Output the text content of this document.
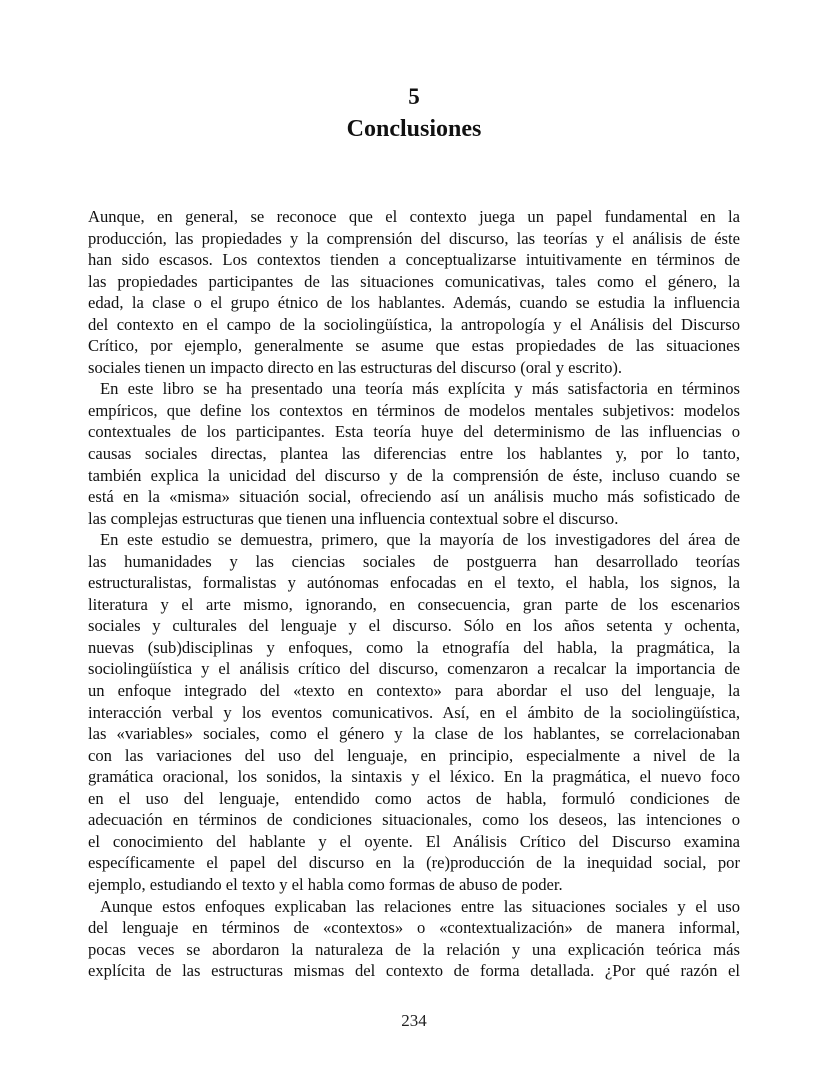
5
Conclusiones
Aunque, en general, se reconoce que el contexto juega un papel fundamental en la
producción, las propiedades y la comprensión del discurso, las teorías y el análisis de éste
han sido escasos. Los contextos tienden a conceptualizarse intuitivamente en términos de
las propiedades participantes de las situaciones comunicativas, tales como el género, la
edad, la clase o el grupo étnico de los hablantes. Además, cuando se estudia la influencia
del contexto en el campo de la sociolingüística, la antropología y el Análisis del Discurso
Crítico, por ejemplo, generalmente se asume que estas propiedades de las situaciones
sociales tienen un impacto directo en las estructuras del discurso (oral y escrito).
En este libro se ha presentado una teoría más explícita y más satisfactoria en términos
empíricos, que define los contextos en términos de modelos mentales subjetivos: modelos
contextuales de los participantes. Esta teoría huye del determinismo de las influencias o
causas sociales directas, plantea las diferencias entre los hablantes y, por lo tanto,
también explica la unicidad del discurso y de la comprensión de éste, incluso cuando se
está en la «misma» situación social, ofreciendo así un análisis mucho más sofisticado de
las complejas estructuras que tienen una influencia contextual sobre el discurso.
En este estudio se demuestra, primero, que la mayoría de los investigadores del área de
las humanidades y las ciencias sociales de postguerra han desarrollado teorías
estructuralistas, formalistas y autónomas enfocadas en el texto, el habla, los signos, la
literatura y el arte mismo, ignorando, en consecuencia, gran parte de los escenarios
sociales y culturales del lenguaje y el discurso. Sólo en los años setenta y ochenta,
nuevas (sub)disciplinas y enfoques, como la etnografía del habla, la pragmática, la
sociolingüística y el análisis crítico del discurso, comenzaron a recalcar la importancia de
un enfoque integrado del «texto en contexto» para abordar el uso del lenguaje, la
interacción verbal y los eventos comunicativos. Así, en el ámbito de la sociolingüística,
las «variables» sociales, como el género y la clase de los hablantes, se correlacionaban
con las variaciones del uso del lenguaje, en principio, especialmente a nivel de la
gramática oracional, los sonidos, la sintaxis y el léxico. En la pragmática, el nuevo foco
en el uso del lenguaje, entendido como actos de habla, formuló condiciones de
adecuación en términos de condiciones situacionales, como los deseos, las intenciones o
el conocimiento del hablante y el oyente. El Análisis Crítico del Discurso examina
específicamente el papel del discurso en la (re)producción de la inequidad social, por
ejemplo, estudiando el texto y el habla como formas de abuso de poder.
Aunque estos enfoques explicaban las relaciones entre las situaciones sociales y el uso
del lenguaje en términos de «contextos» o «contextualización» de manera informal,
pocas veces se abordaron la naturaleza de la relación y una explicación teórica más
explícita de las estructuras mismas del contexto de forma detallada. ¿Por qué razón el
234
